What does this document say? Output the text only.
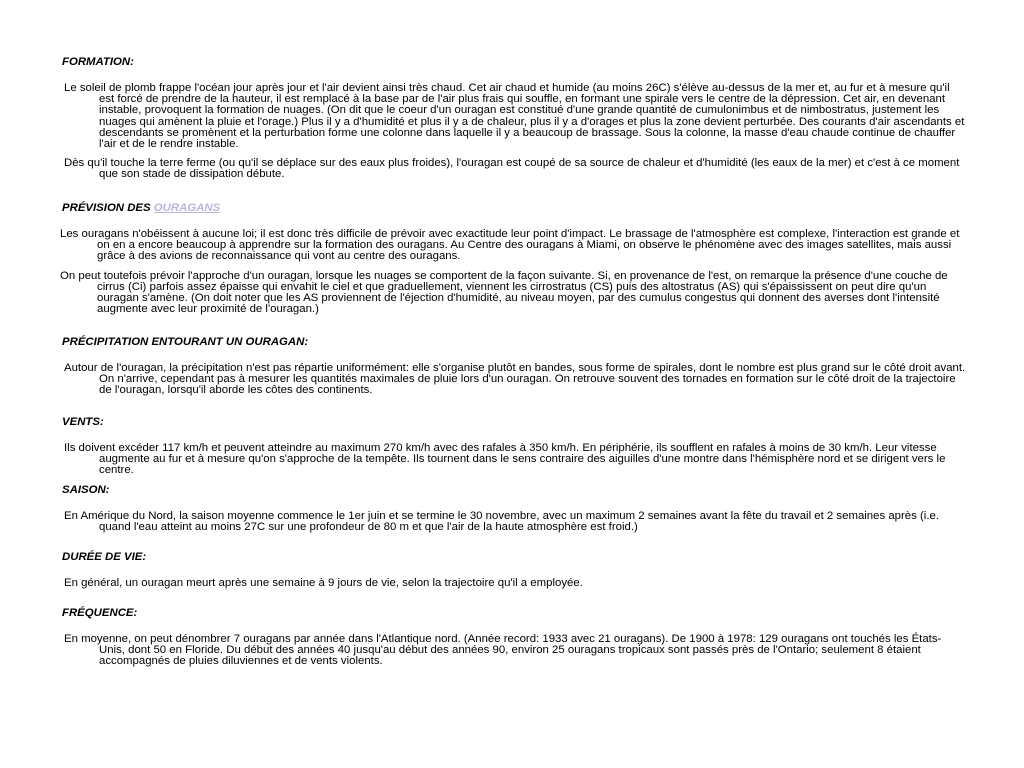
FORMATION:

Le soleil de plomb frappe l'océan jour après jour et l'air devient ainsi très chaud. Cet air chaud et humide (au moins 26C) s'élève au-dessus de la mer et, au fur et à mesure qu'il est forcé de prendre de la hauteur, il est remplacé à la base par de l'air plus frais qui souffle, en formant une spirale vers le centre de la dépression. Cet air, en devenant instable, provoquent la formation de nuages. (On dit que le coeur d'un ouragan est constitué d'une grande quantité de cumulonimbus et de nimbostratus, justement les nuages qui amènent la pluie et l'orage.) Plus il y a d'humidité et plus il y a de chaleur, plus il y a d'orages et plus la zone devient perturbée. Des courants d'air ascendants et descendants se promènent et la perturbation forme une colonne dans laquelle il y a beaucoup de brassage. Sous la colonne, la masse d'eau chaude continue de chauffer l'air et de le rendre instable.

Dès qu'il touche la terre ferme (ou qu'il se déplace sur des eaux plus froides), l'ouragan est coupé de sa source de chaleur et d'humidité (les eaux de la mer) et c'est à ce moment que son stade de dissipation débute.

PRÉVISION DES OURAGANS

Les ouragans n'obéissent à aucune loi; il est donc très difficile de prévoir avec exactitude leur point d'impact. Le brassage de l'atmosphère est complexe, l'interaction est grande et on en a encore beaucoup à apprendre sur la formation des ouragans. Au Centre des ouragans à Miami, on observe le phénomène avec des images satellites, mais aussi grâce à des avions de reconnaissance qui vont au centre des ouragans.

On peut toutefois prévoir l'approche d'un ouragan, lorsque les nuages se comportent de la façon suivante. Si, en provenance de l'est, on remarque la présence d'une couche de cirrus (Ci) parfois assez épaisse qui envahit le ciel et que graduellement, viennent les cirrostratus (CS) puis des altostratus (AS) qui s'épaississent on peut dire qu'un ouragan s'amène. (On doit noter que les AS proviennent de l'éjection d'humidité, au niveau moyen, par des cumulus congestus qui donnent des averses dont l'intensité augmente avec leur proximité de l'ouragan.)

PRÉCIPITATION ENTOURANT UN OURAGAN:

Autour de l'ouragan, la précipitation n'est pas répartie uniformément: elle s'organise plutôt en bandes, sous forme de spirales, dont le nombre est plus grand sur le côté droit avant. On n'arrive, cependant pas à mesurer les quantités maximales de pluie lors d'un ouragan. On retrouve souvent des tornades en formation sur le côté droit de la trajectoire de l'ouragan, lorsqu'il aborde les côtes des continents.

VENTS:

Ils doivent excéder 117 km/h et peuvent atteindre au maximum 270 km/h avec des rafales à 350 km/h. En périphérie, ils soufflent en rafales à moins de 30 km/h. Leur vitesse augmente au fur et à mesure qu'on s'approche de la tempête. Ils tournent dans le sens contraire des aiguilles d'une montre dans l'hémisphère nord et se dirigent vers le centre.

SAISON:

En Amérique du Nord, la saison moyenne commence le 1er juin et se termine le 30 novembre, avec un maximum 2 semaines avant la fête du travail et 2 semaines après (i.e. quand l'eau atteint au moins 27C sur une profondeur de 80 m et que l'air de la haute atmosphère est froid.)

DURÉE DE VIE:

En général, un ouragan meurt après une semaine à 9 jours de vie, selon la trajectoire qu'il a employée.

FRÉQUENCE:

En moyenne, on peut dénombrer 7 ouragans par année dans l'Atlantique nord. (Année record: 1933 avec 21 ouragans). De 1900 à 1978: 129 ouragans ont touchés les États-Unis, dont 50 en Floride. Du début des années 40 jusqu'au début des années 90, environ 25 ouragans tropicaux sont passés près de l'Ontario; seulement 8 étaient accompagnés de pluies diluviennes et de vents violents.
